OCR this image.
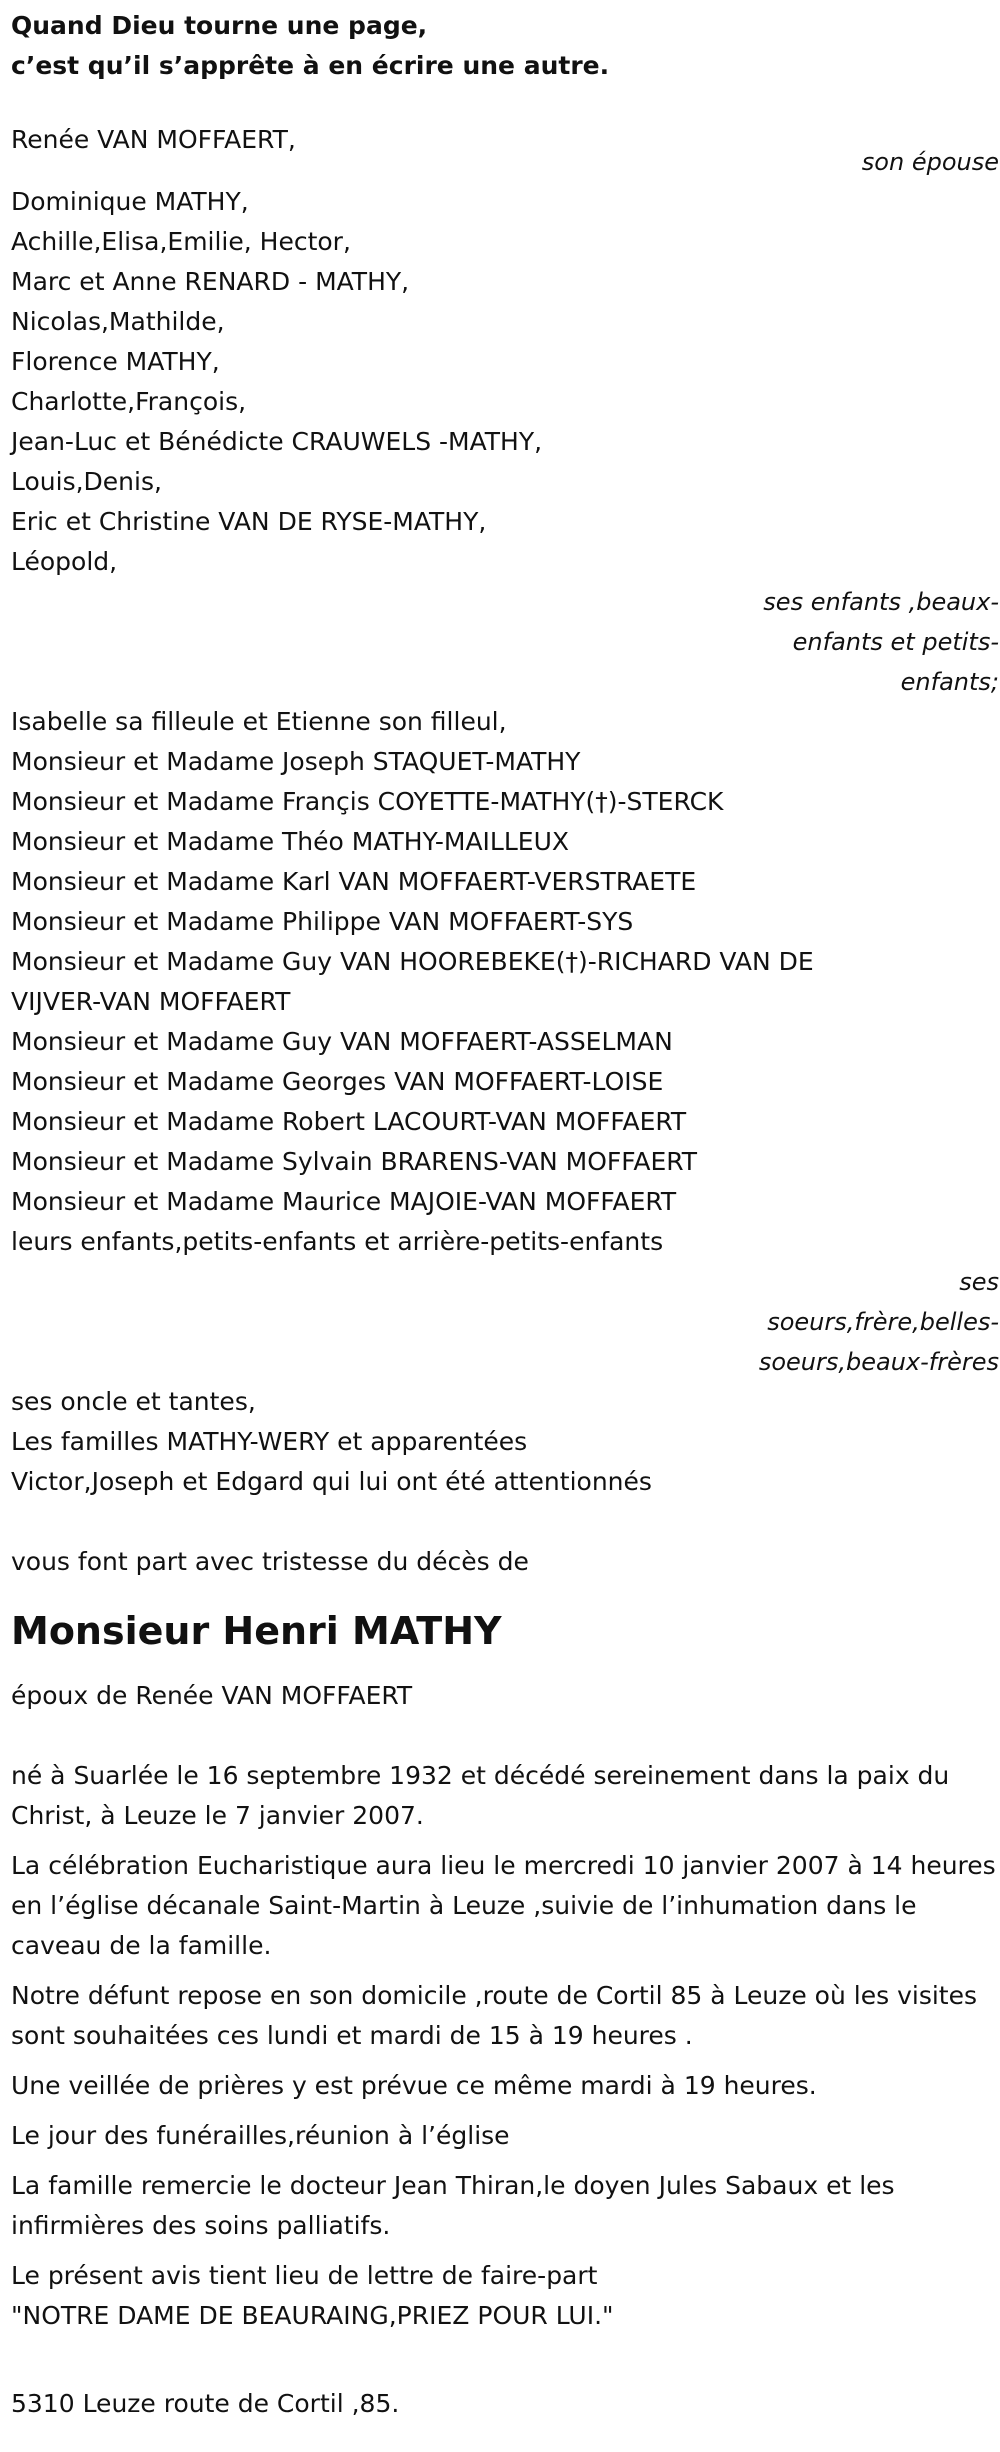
Quand Dieu tourne une page,
c’est qu’il s’apprête à en écrire une autre.
Renée VAN MOFFAERT,
son épouse
Dominique MATHY,
Achille,Elisa,Emilie, Hector,
Marc et Anne RENARD - MATHY,
Nicolas,Mathilde,
Florence MATHY,
Charlotte,François,
Jean-Luc et Bénédicte CRAUWELS -MATHY,
Louis,Denis,
Eric et Christine VAN DE RYSE-MATHY,
Léopold,
ses enfants ,beaux-
enfants et petits-
enfants;
Isabelle sa filleule et Etienne son filleul,
Monsieur et Madame Joseph STAQUET-MATHY
Monsieur et Madame Françis COYETTE-MATHY(†)-STERCK
Monsieur et Madame Théo MATHY-MAILLEUX
Monsieur et Madame Karl VAN MOFFAERT-VERSTRAETE
Monsieur et Madame Philippe VAN MOFFAERT-SYS
Monsieur et Madame Guy VAN HOOREBEKE(†)-RICHARD VAN DE
VIJVER-VAN MOFFAERT
Monsieur et Madame Guy VAN MOFFAERT-ASSELMAN
Monsieur et Madame Georges VAN MOFFAERT-LOISE
Monsieur et Madame Robert LACOURT-VAN MOFFAERT
Monsieur et Madame Sylvain BRARENS-VAN MOFFAERT
Monsieur et Madame Maurice MAJOIE-VAN MOFFAERT
leurs enfants,petits-enfants et arrière-petits-enfants
ses
soeurs,frère,belles-
soeurs,beaux-frères
ses oncle et tantes,
Les familles MATHY-WERY et apparentées
Victor,Joseph et Edgard qui lui ont été attentionnés
vous font part avec tristesse du décès de
Monsieur Henri MATHY
époux de Renée VAN MOFFAERT

né à Suarlée le 16 septembre 1932 et décédé sereinement dans la paix du Christ, à Leuze le 7 janvier 2007.

La célébration Eucharistique aura lieu le mercredi 10 janvier 2007 à 14 heures en l’église décanale Saint-Martin à Leuze ,suivie de l’inhumation dans le caveau de la famille.

Notre défunt repose en son domicile ,route de Cortil 85 à Leuze où les visites sont souhaitées ces lundi et mardi de 15 à 19 heures .

Une veillée de prières y est prévue ce même mardi à 19 heures.

Le jour des funérailles,réunion à l’église

La famille remercie le docteur Jean Thiran,le doyen Jules Sabaux et les infirmières des soins palliatifs.

Le présent avis tient lieu de lettre de faire-part

"NOTRE DAME DE BEAURAING,PRIEZ POUR LUI."

5310 Leuze route de Cortil ,85.
